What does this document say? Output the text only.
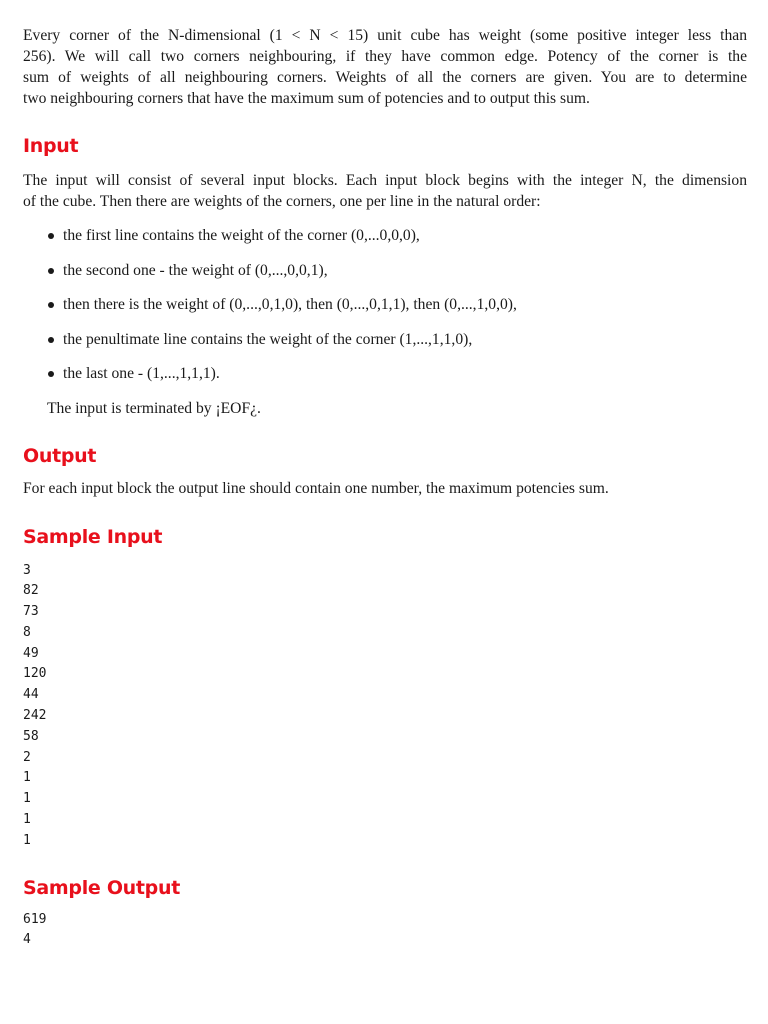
Every corner of the N-dimensional (1 < N < 15) unit cube has weight (some positive integer less than
256). We will call two corners neighbouring, if they have common edge. Potency of the corner is the
sum of weights of all neighbouring corners. Weights of all the corners are given. You are to determine
two neighbouring corners that have the maximum sum of potencies and to output this sum.
Input
The input will consist of several input blocks. Each input block begins with the integer N, the dimension
of the cube. Then there are weights of the corners, one per line in the natural order:
the first line contains the weight of the corner (0,...0,0,0),
the second one - the weight of (0,...,0,0,1),
then there is the weight of (0,...,0,1,0), then (0,...,0,1,1), then (0,...,1,0,0),
the penultimate line contains the weight of the corner (1,...,1,1,0),
the last one - (1,...,1,1,1).

The input is terminated by ¡EOF¿.

Output

For each input block the output line should contain one number, the maximum potencies sum.

Sample Input
3
82
73
8
49
120
44
242
58
2
1
1
1
1
Sample Output
619
4
